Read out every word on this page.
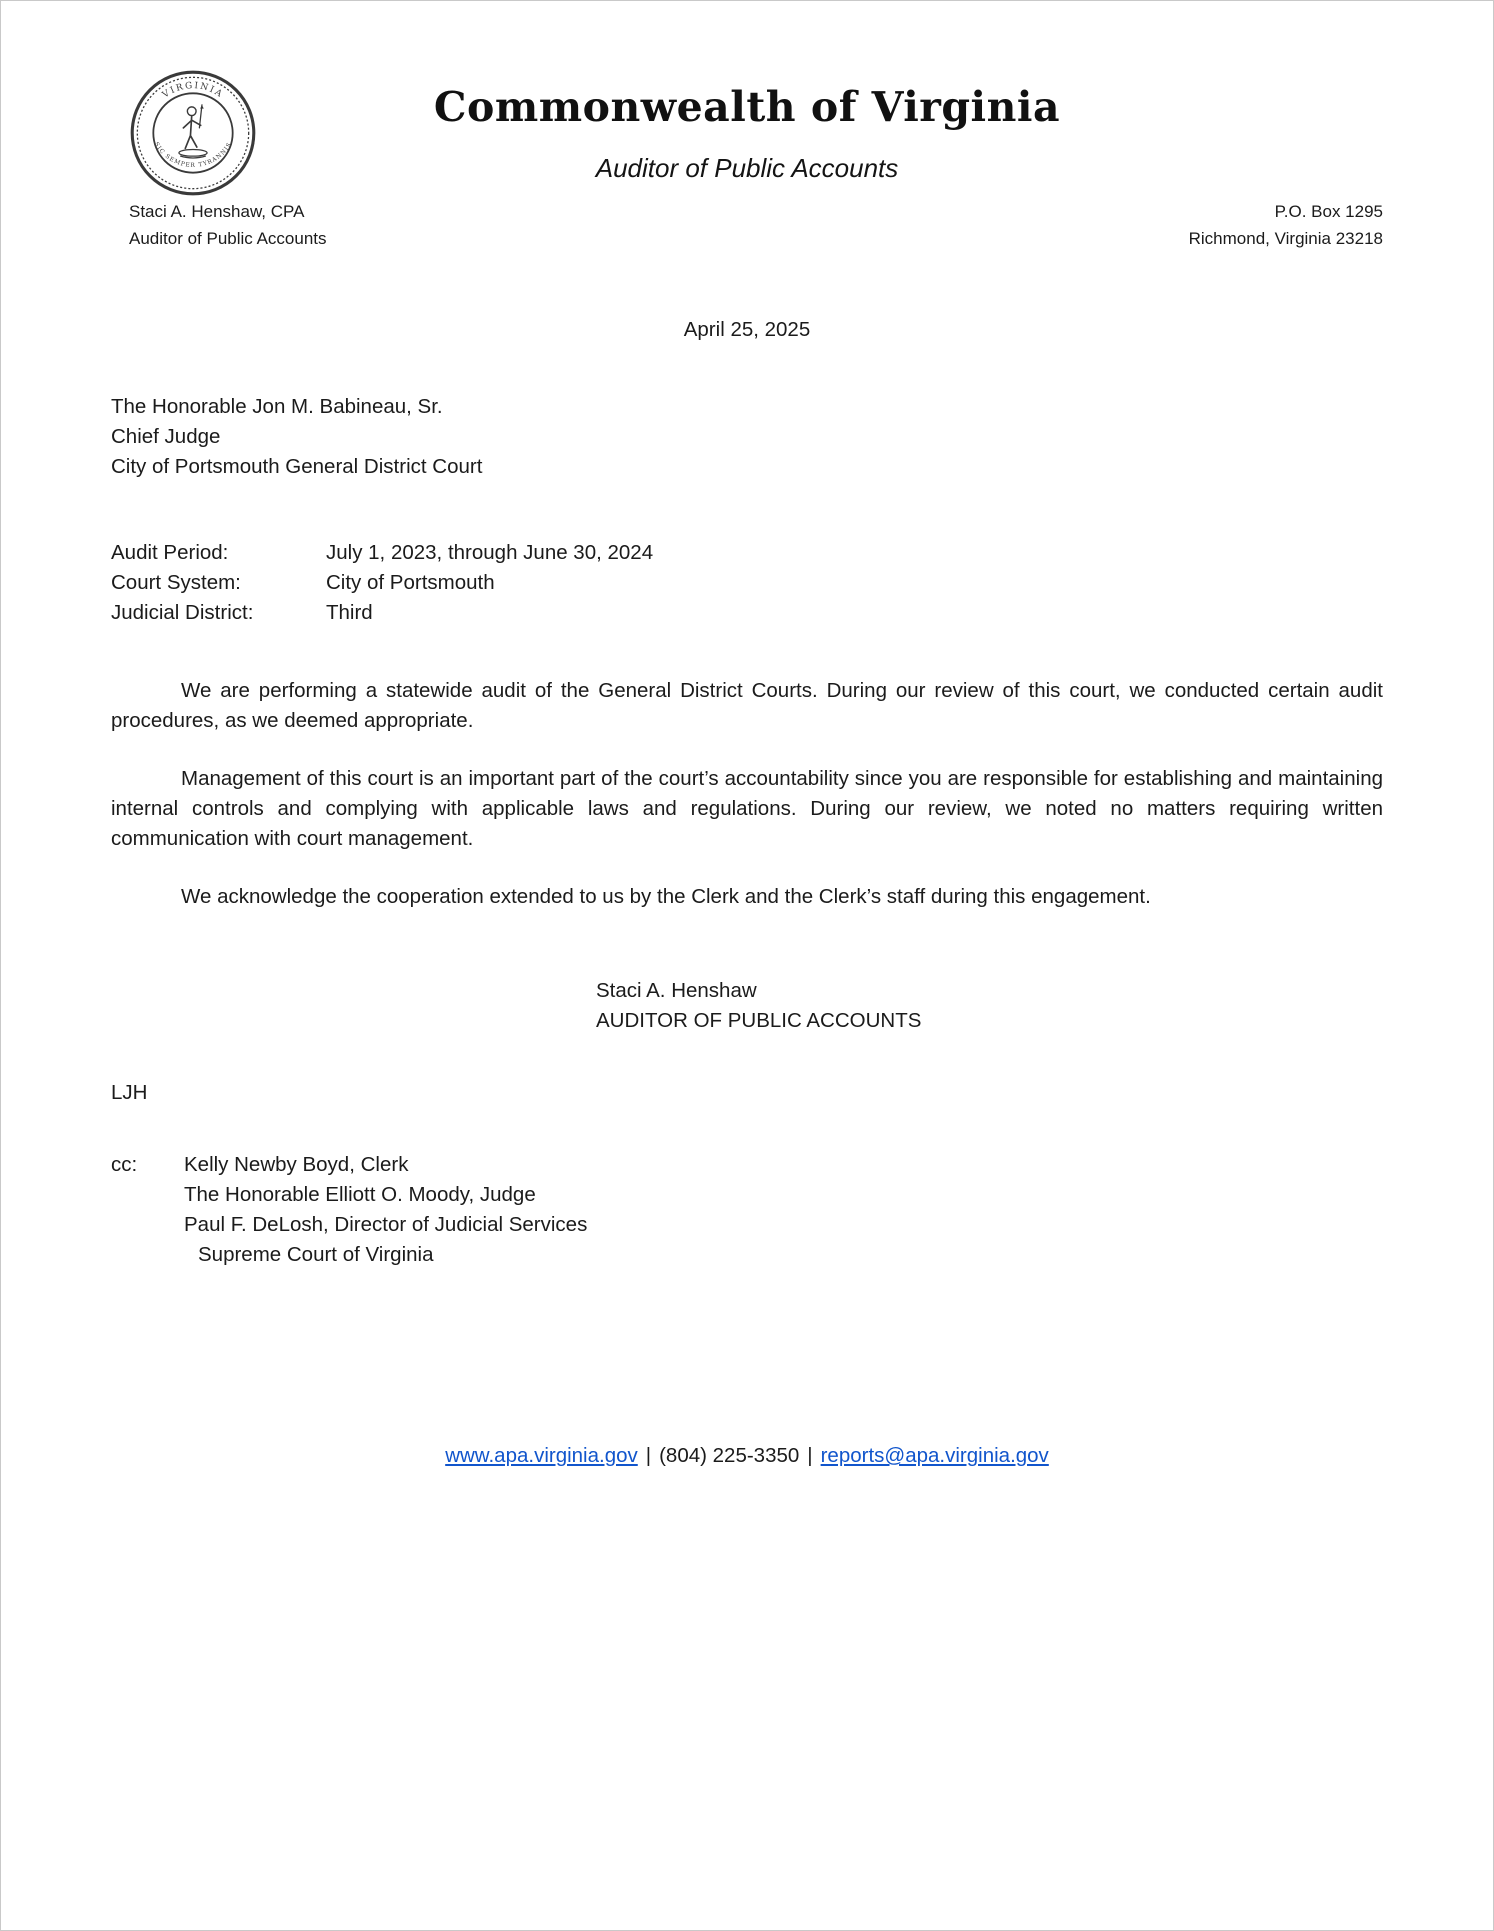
VIRGINIA
SIC SEMPER TYRANNIS
Commonwealth of Virginia
Auditor of Public Accounts
Staci A. Henshaw, CPA
Auditor of Public Accounts
P.O. Box 1295
Richmond, Virginia 23218
April 25, 2025
The Honorable Jon M. Babineau, Sr.
Chief Judge
City of Portsmouth General District Court
Audit Period:	July 1, 2023, through June 30, 2024
Court System:	City of Portsmouth
Judicial District:	Third

We are performing a statewide audit of the General District Courts. During our review of this court, we conducted certain audit procedures, as we deemed appropriate.

Management of this court is an important part of the court’s accountability since you are responsible for establishing and maintaining internal controls and complying with applicable laws and regulations. During our review, we noted no matters requiring written communication with court management.

We acknowledge the cooperation extended to us by the Clerk and the Clerk’s staff during this engagement.

Staci A. Henshaw
AUDITOR OF PUBLIC ACCOUNTS
LJH
cc:	Kelly Newby Boyd, Clerk
The Honorable Elliott O. Moody, Judge
Paul F. DeLosh, Director of Judicial Services
Supreme Court of Virginia
www.apa.virginia.gov | (804) 225-3350 | reports@apa.virginia.gov
